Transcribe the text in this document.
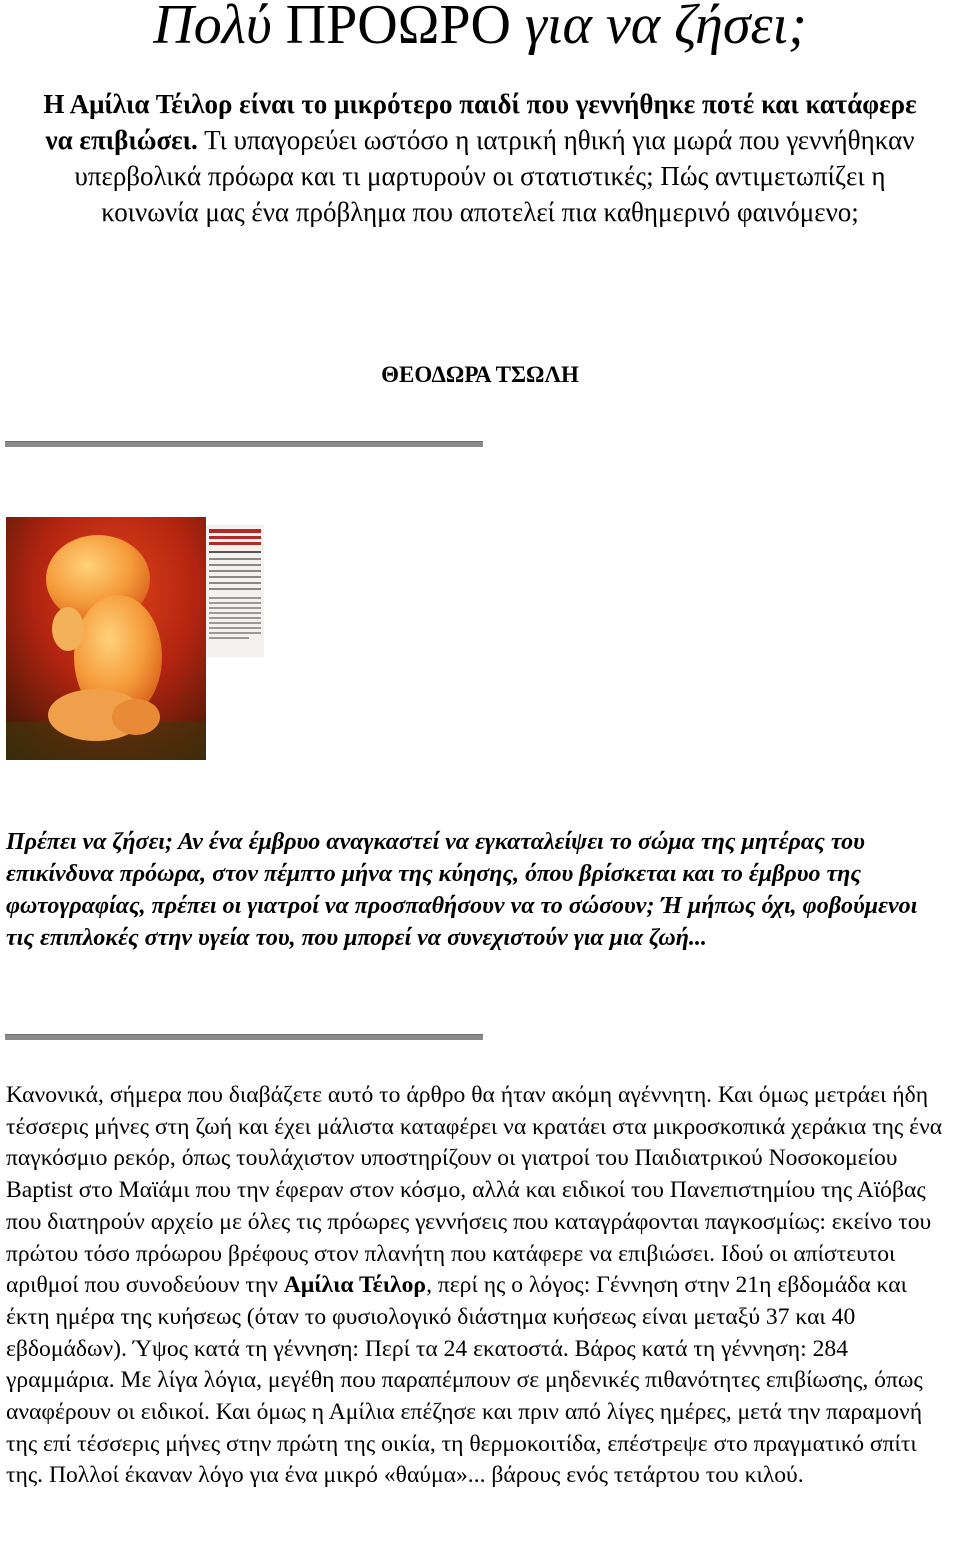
Πολύ ΠΡΟΩΡΟ για να ζήσει;

Η Αμίλια Τέιλορ είναι το μικρότερο παιδί που γεννήθηκε ποτέ και κατάφερε να επιβιώσει. Τι υπαγορεύει ωστόσο η ιατρική ηθική για μωρά που γεννήθηκαν υπερβολικά πρόωρα και τι μαρτυρούν οι στατιστικές; Πώς αντιμετωπίζει η κοινωνία μας ένα πρόβλημα που αποτελεί πια καθημερινό φαινόμενο;

ΘΕΟΔΩΡΑ ΤΣΩΛΗ

Πρέπει να ζήσει; Αν ένα έμβρυο αναγκαστεί να εγκαταλείψει το σώμα της μητέρας του επικίνδυνα πρόωρα, στον πέμπτο μήνα της κύησης, όπου βρίσκεται και το έμβρυο της φωτογραφίας, πρέπει οι γιατροί να προσπαθήσουν να το σώσουν; Ή μήπως όχι, φοβούμενοι τις επιπλοκές στην υγεία του, που μπορεί να συνεχιστούν για μια ζωή...

Κανονικά, σήμερα που διαβάζετε αυτό το άρθρο θα ήταν ακόμη αγέννητη. Και όμως μετράει ήδη τέσσερις μήνες στη ζωή και έχει μάλιστα καταφέρει να κρατάει στα μικροσκοπικά χεράκια της ένα παγκόσμιο ρεκόρ, όπως τουλάχιστον υποστηρίζουν οι γιατροί του Παιδιατρικού Νοσοκομείου Baptist στο Μαϊάμι που την έφεραν στον κόσμο, αλλά και ειδικοί του Πανεπιστημίου της Αϊόβας που διατηρούν αρχείο με όλες τις πρόωρες γεννήσεις που καταγράφονται παγκοσμίως: εκείνο του πρώτου τόσο πρόωρου βρέφους στον πλανήτη που κατάφερε να επιβιώσει. Ιδού οι απίστευτοι αριθμοί που συνοδεύουν την Αμίλια Τέιλορ, περί ης ο λόγος: Γέννηση στην 21η εβδομάδα και έκτη ημέρα της κυήσεως (όταν το φυσιολογικό διάστημα κυήσεως είναι μεταξύ 37 και 40 εβδομάδων). Ύψος κατά τη γέννηση: Περί τα 24 εκατοστά. Βάρος κατά τη γέννηση: 284 γραμμάρια. Με λίγα λόγια, μεγέθη που παραπέμπουν σε μηδενικές πιθανότητες επιβίωσης, όπως αναφέρουν οι ειδικοί. Και όμως η Αμίλια επέζησε και πριν από λίγες ημέρες, μετά την παραμονή της επί τέσσερις μήνες στην πρώτη της οικία, τη θερμοκοιτίδα, επέστρεψε στο πραγματικό σπίτι της. Πολλοί έκαναν λόγο για ένα μικρό «θαύμα»... βάρους ενός τετάρτου του κιλού.
